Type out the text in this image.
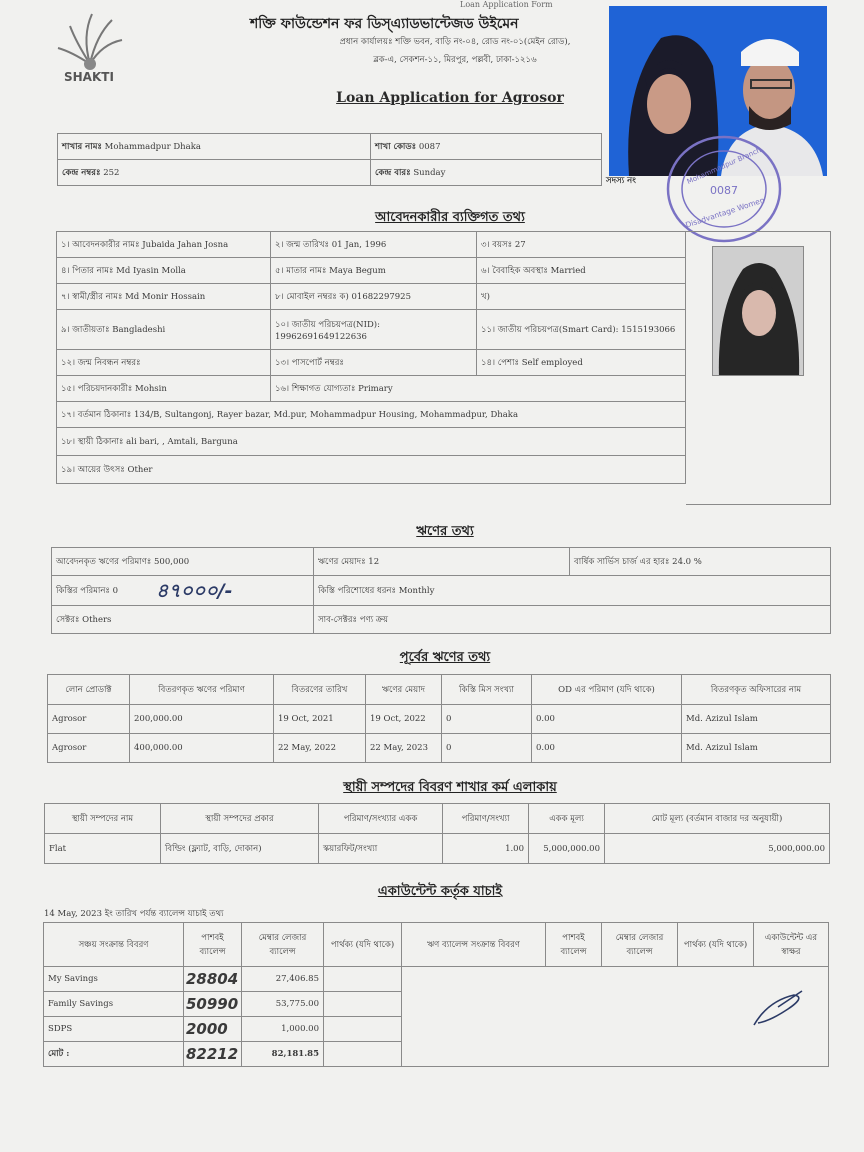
Loan Application Form
SHAKTI
শক্তি ফাউন্ডেশন ফর ডিস্‌এ্যাডভান্টেজড উইমেন
প্রধান কার্যালয়ঃ শক্তি ভবন, বাড়ি নং-০৪, রোড নং-০১(মেইন রোড),
ব্লক-এ, সেকশন-১১, মিরপুর, পল্লবী, ঢাকা-১২১৬
Loan Application for Agrosor
শাখার নামঃ Mohammadpur Dhaka	শাখা কোডঃ 0087
কেন্দ্র নম্বরঃ 252	কেন্দ্র বারঃ Sunday
সদস্য নং	Mohammadpur Branch
0087
Disadvantage Women
আবেদনকারীর ব্যক্তিগত তথ্য
১। আবেদনকারীর নামঃ Jubaida Jahan Josna	২। জন্ম তারিখঃ 01 Jan, 1996	৩। বয়সঃ 27
৪। পিতার নামঃ Md Iyasin Molla	৫। মাতার নামঃ Maya Begum	৬। বৈবাহিক অবস্থাঃ Married
৭। স্বামী/স্ত্রীর নামঃ Md Monir Hossain	৮। মোবাইল নম্বরঃ ক) 01682297925	খ)
৯। জাতীয়তাঃ Bangladeshi	১০। জাতীয় পরিচয়পত্র(NID): 19962691649122636	১১। জাতীয় পরিচয়পত্র(Smart Card): 1515193066
১২। জন্ম নিবন্ধন নম্বরঃ	১৩। পাসপোর্ট নম্বরঃ	১৪। পেশাঃ Self employed
১৫। পরিচয়দানকারীঃ Mohsin	১৬। শিক্ষাগত যোগ্যতাঃ Primary	
১৭। বর্তমান ঠিকানাঃ 134/B, Sultangonj, Rayer bazar, Md.pur, Mohammadpur Housing, Mohammadpur, Dhaka		
১৮। স্থায়ী ঠিকানাঃ ali bari, , Amtali, Barguna		
১৯। আয়ের উৎসঃ Other		
ঋণের তথ্য
আবেদনকৃত ঋণের পরিমাণঃ 500,000	ঋণের মেয়াদঃ 12	বার্ষিক সার্ভিস চার্জ এর হারঃ 24.0 %
কিস্তির পরিমানঃ 0 ৪৭০০০/-	কিস্তি পরিশোধের ধরনঃ Monthly	
সেক্টরঃ Others	সাব-সেক্টরঃ পণ্য ক্রয়	
পূর্বের ঋণের তথ্য
লোন প্রোডাক্ট	বিতরণকৃত ঋণের পরিমাণ	বিতরণের তারিখ	ঋণের মেয়াদ	কিস্তি মিস সংখ্যা	OD এর পরিমাণ (যদি থাকে)	বিতরণকৃত অফিসারের নাম
Agrosor	200,000.00	19 Oct, 2021	19 Oct, 2022	0	0.00	Md. Azizul Islam
Agrosor	400,000.00	22 May, 2022	22 May, 2023	0	0.00	Md. Azizul Islam
স্থায়ী সম্পদের বিবরণ শাখার কর্ম এলাকায়
স্থায়ী সম্পদের নাম	স্থায়ী সম্পদের প্রকার	পরিমাণ/সংখ্যার একক	পরিমাণ/সংখ্যা	একক মূল্য	মোট মূল্য (বর্তমান বাজার দর অনুযায়ী)
Flat	বিল্ডিং (ফ্ল্যাট, বাড়ি, দোকান)	স্কয়ারফিট/সংখ্যা	1.00	5,000,000.00	5,000,000.00
একাউন্টেন্ট কর্তৃক যাচাই
14 May, 2023 ইং তারিখ পর্যন্ত ব্যালেন্স যাচাই তথ্য
সঞ্চয় সংক্রান্ত বিবরণ	পাশবই ব্যালেন্স	মেম্বার লেজার ব্যালেন্স	পার্থক্য (যদি থাকে)	ঋণ ব্যালেন্স সংক্রান্ত বিবরণ	পাশবই ব্যালেন্স	মেম্বার লেজার ব্যালেন্স	পার্থক্য (যদি থাকে)	একাউন্টেন্ট এর স্বাক্ষর
My Savings	28804	27,406.85		

Family Savings	50990	53,775.00						
SDPS	2000	1,000.00						
মোট :	82212	82,181.85						
